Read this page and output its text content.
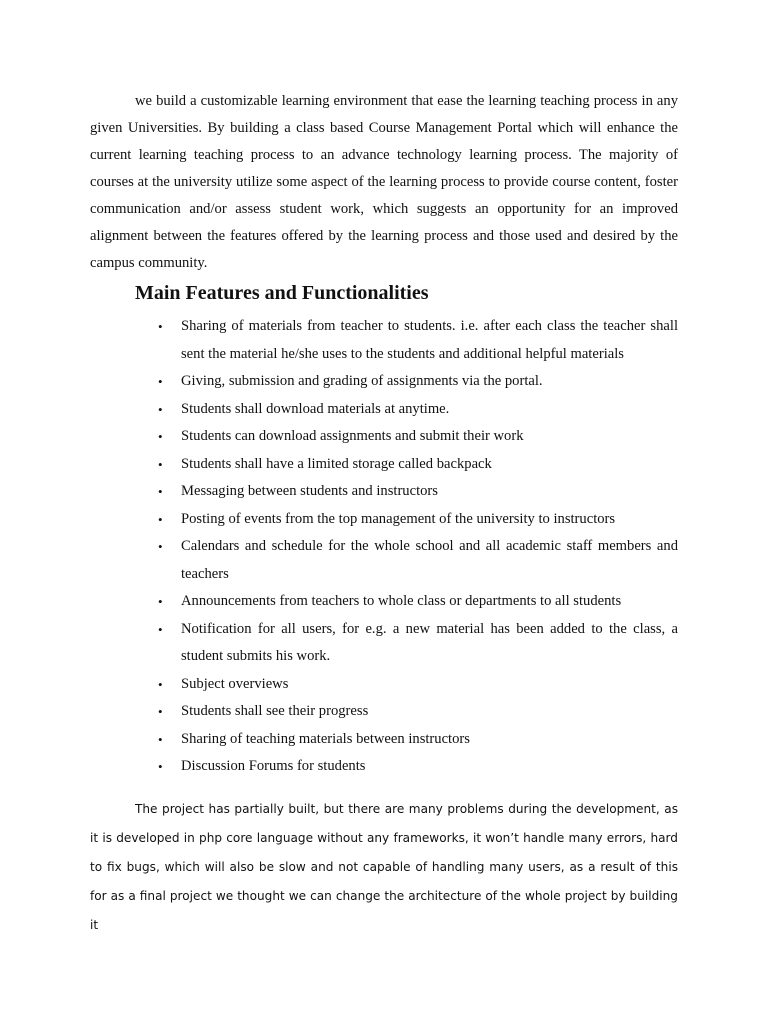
we build a customizable learning environment that ease the learning teaching process in any given Universities. By building a class based Course Management Portal which will enhance the current learning teaching process to an advance technology learning process. The majority of courses at the university utilize some aspect of the learning process to provide course content, foster communication and/or assess student work, which suggests an opportunity for an improved alignment between the features offered by the learning process and those used and desired by the campus community.

Main Features and Functionalities
• Sharing of materials from teacher to students. i.e. after each class the teacher shall sent the material he/she uses to the students and additional helpful materials
• Giving, submission and grading of assignments via the portal.
• Students shall download materials at anytime.
• Students can download assignments and submit their work
• Students shall have a limited storage called backpack
• Messaging between students and instructors
• Posting of events from the top management of the university to instructors
• Calendars and schedule for the whole school and all academic staff members and teachers
• Announcements from teachers to whole class or departments to all students
• Notification for all users, for e.g. a new material has been added to the class, a student submits his work.
• Subject overviews
• Students shall see their progress
• Sharing of teaching materials between instructors
• Discussion Forums for students

The project has partially built, but there are many problems during the development, as it is developed in php core language without any frameworks, it won’t handle many errors, hard to fix bugs, which will also be slow and not capable of handling many users, as a result of this for as a final project we thought we can change the architecture of the whole project by building it
